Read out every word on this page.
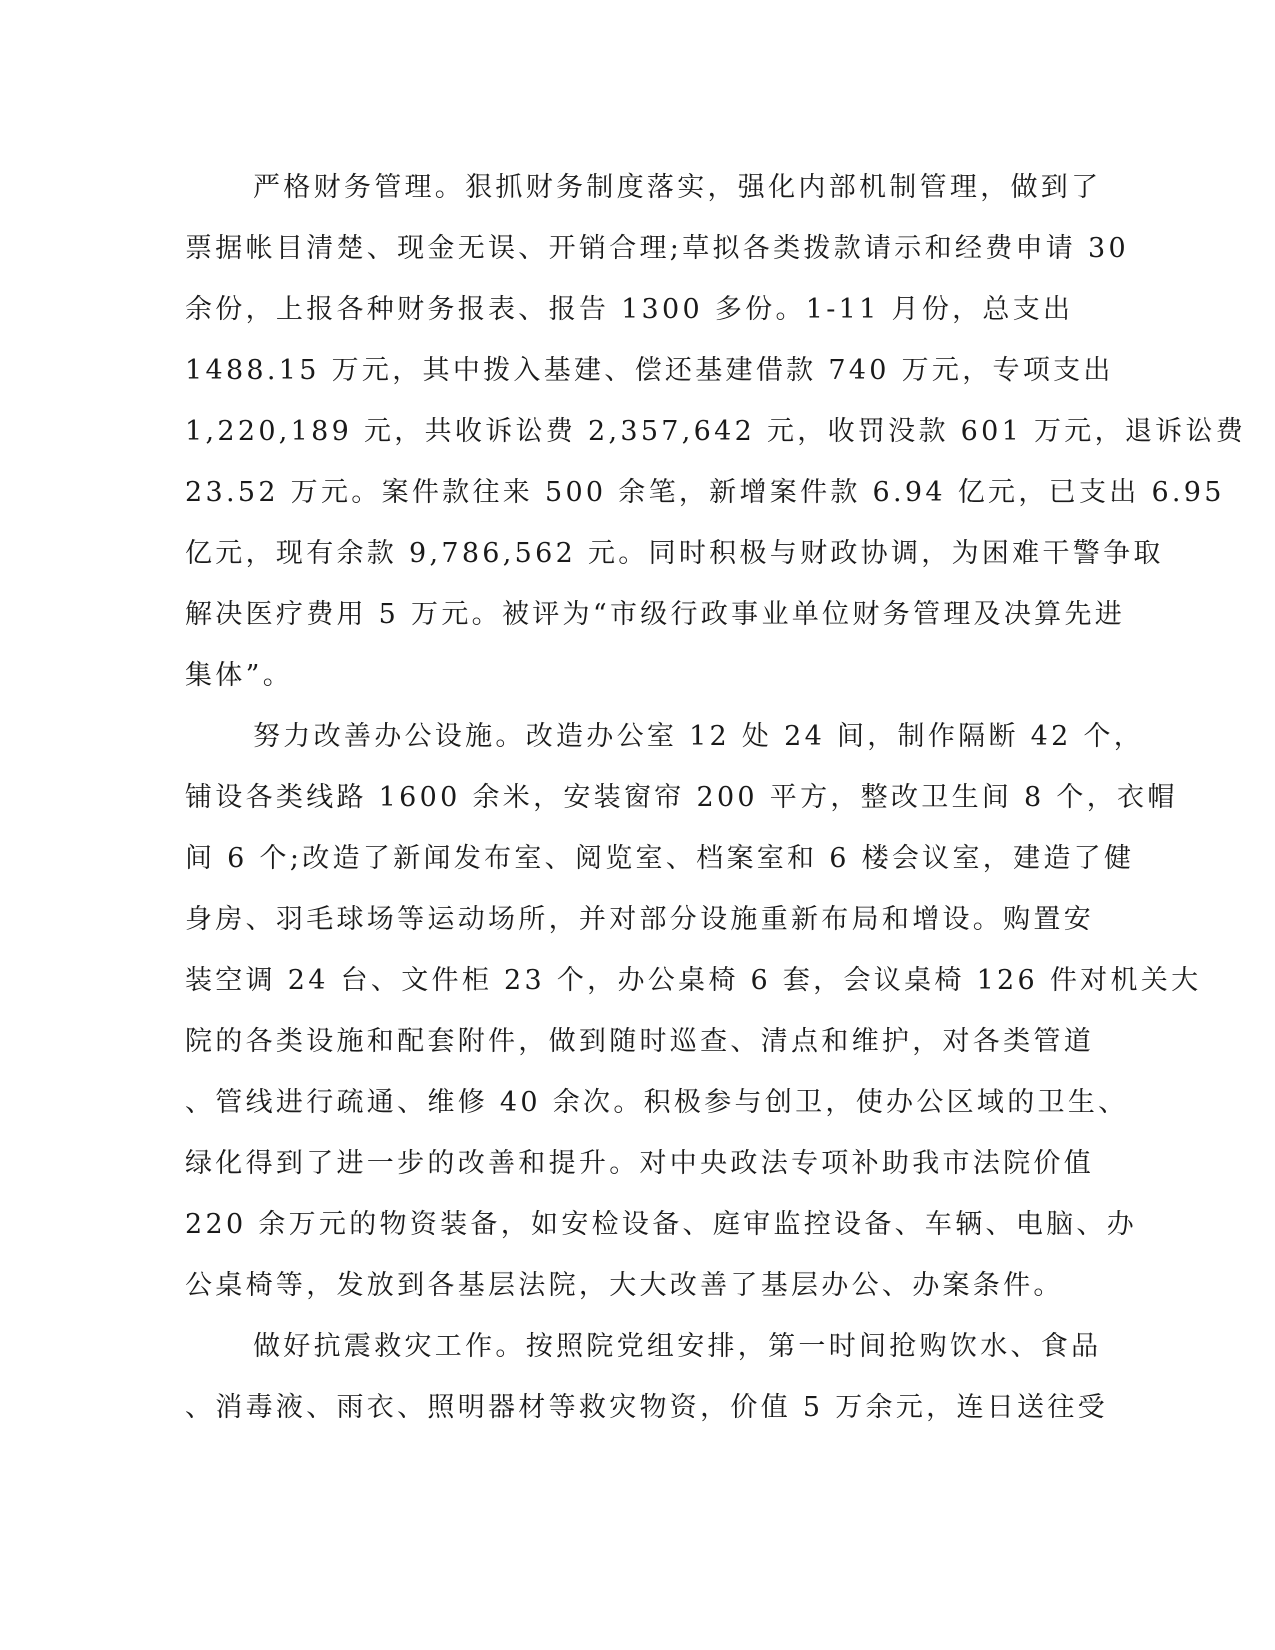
严格财务管理。狠抓财务制度落实，强化内部机制管理，做到了
票据帐目清楚、现金无误、开销合理;草拟各类拨款请示和经费申请 30
余份，上报各种财务报表、报告 1300 多份。1-11 月份，总支出
1488.15 万元，其中拨入基建、偿还基建借款 740 万元，专项支出
1,220,189 元，共收诉讼费 2,357,642 元，收罚没款 601 万元，退诉讼费
23.52 万元。案件款往来 500 余笔，新增案件款 6.94 亿元，已支出 6.95
亿元，现有余款 9,786,562 元。同时积极与财政协调，为困难干警争取
解决医疗费用 5 万元。被评为“市级行政事业单位财务管理及决算先进
集体”。
努力改善办公设施。改造办公室 12 处 24 间，制作隔断 42 个，
铺设各类线路 1600 余米，安装窗帘 200 平方，整改卫生间 8 个，衣帽
间 6 个;改造了新闻发布室、阅览室、档案室和 6 楼会议室，建造了健
身房、羽毛球场等运动场所，并对部分设施重新布局和增设。购置安
装空调 24 台、文件柜 23 个，办公桌椅 6 套，会议桌椅 126 件对机关大
院的各类设施和配套附件，做到随时巡查、清点和维护，对各类管道
、管线进行疏通、维修 40 余次。积极参与创卫，使办公区域的卫生、
绿化得到了进一步的改善和提升。对中央政法专项补助我市法院价值
220 余万元的物资装备，如安检设备、庭审监控设备、车辆、电脑、办
公桌椅等，发放到各基层法院，大大改善了基层办公、办案条件。
做好抗震救灾工作。按照院党组安排，第一时间抢购饮水、食品
、消毒液、雨衣、照明器材等救灾物资，价值 5 万余元，连日送往受
